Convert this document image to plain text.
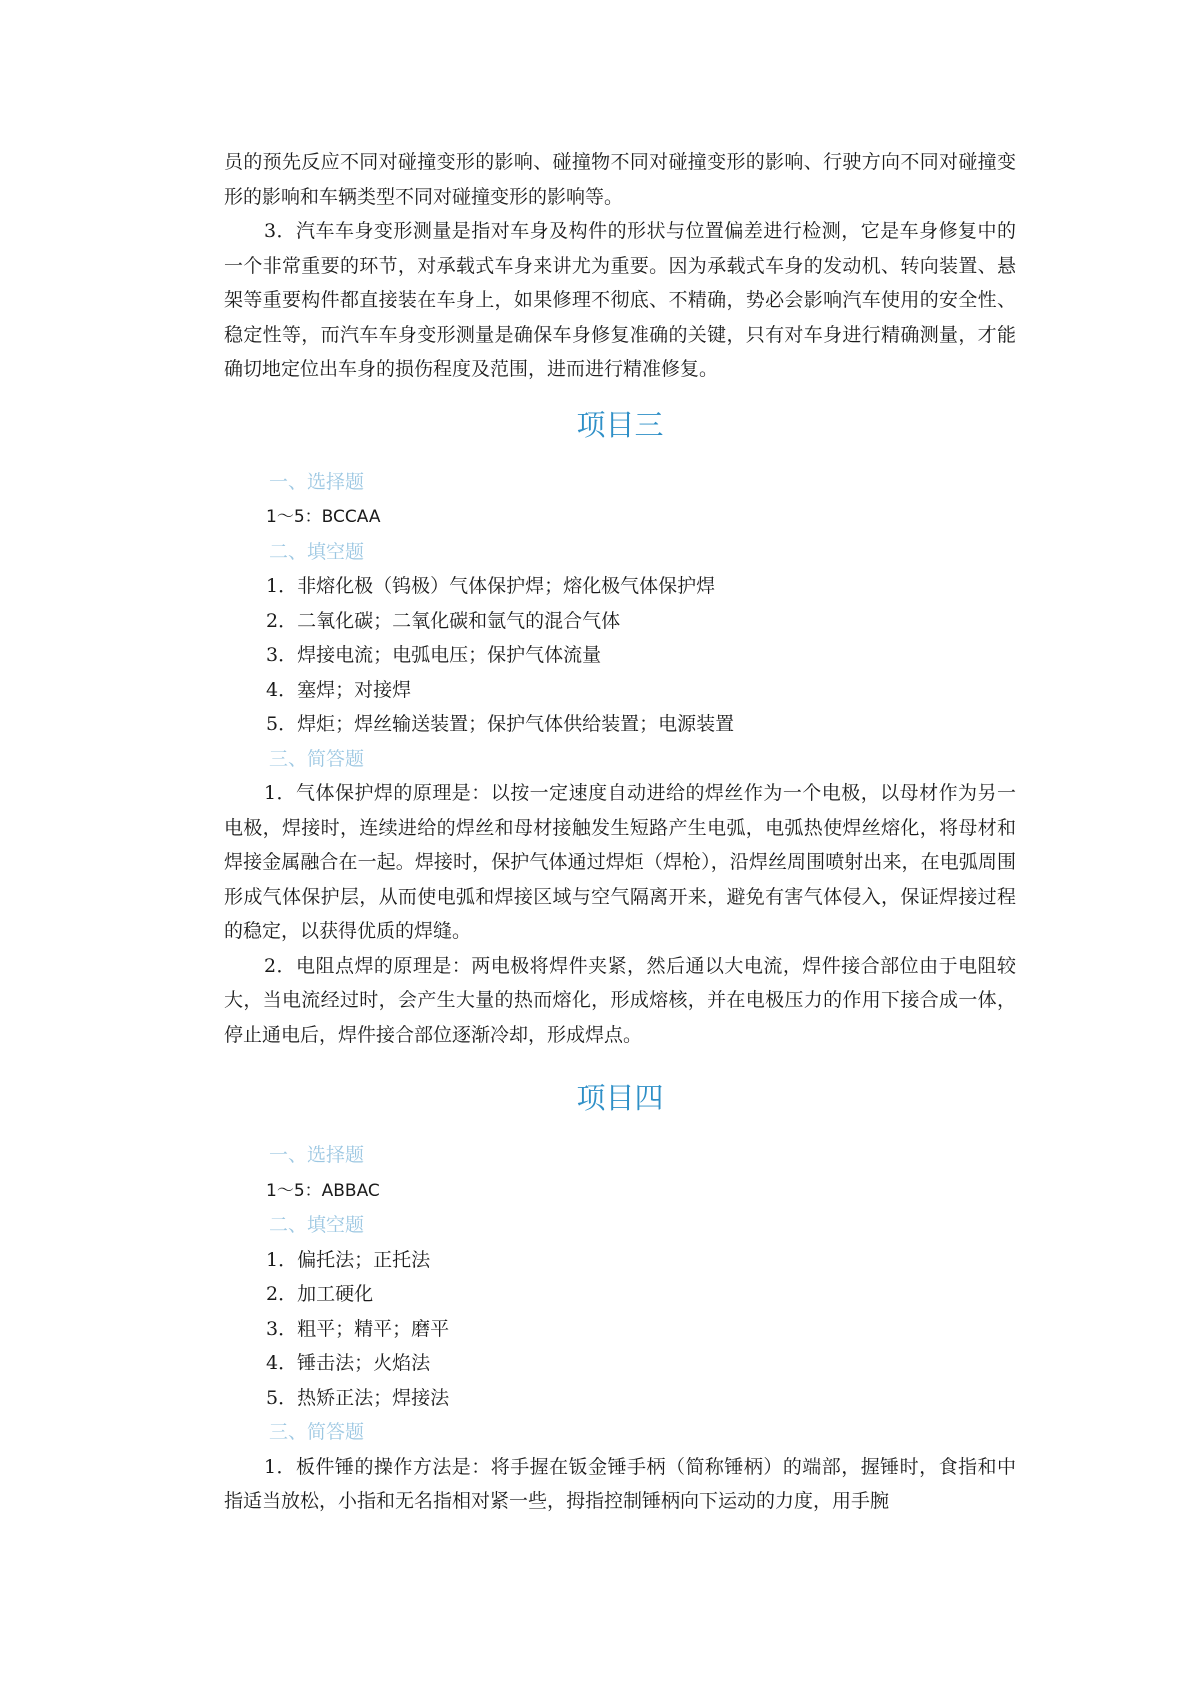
员的预先反应不同对碰撞变形的影响、碰撞物不同对碰撞变形的影响、行驶方向不同对碰撞变形的影响和车辆类型不同对碰撞变形的影响等。

3．汽车车身变形测量是指对车身及构件的形状与位置偏差进行检测，它是车身修复中的一个非常重要的环节，对承载式车身来讲尤为重要。因为承载式车身的发动机、转向装置、悬架等重要构件都直接装在车身上，如果修理不彻底、不精确，势必会影响汽车使用的安全性、稳定性等，而汽车车身变形测量是确保车身修复准确的关键，只有对车身进行精确测量，才能确切地定位出车身的损伤程度及范围，进而进行精准修复。

项目三

一、选择题

1～5：BCCAA

二、填空题

1．非熔化极（钨极）气体保护焊；熔化极气体保护焊

2．二氧化碳；二氧化碳和氩气的混合气体

3．焊接电流；电弧电压；保护气体流量

4．塞焊；对接焊

5．焊炬；焊丝输送装置；保护气体供给装置；电源装置

三、简答题

1．气体保护焊的原理是：以按一定速度自动进给的焊丝作为一个电极，以母材作为另一电极，焊接时，连续进给的焊丝和母材接触发生短路产生电弧，电弧热使焊丝熔化，将母材和焊接金属融合在一起。焊接时，保护气体通过焊炬（焊枪），沿焊丝周围喷射出来，在电弧周围形成气体保护层，从而使电弧和焊接区域与空气隔离开来，避免有害气体侵入，保证焊接过程的稳定，以获得优质的焊缝。

2．电阻点焊的原理是：两电极将焊件夹紧，然后通以大电流，焊件接合部位由于电阻较大，当电流经过时，会产生大量的热而熔化，形成熔核，并在电极压力的作用下接合成一体，停止通电后，焊件接合部位逐渐冷却，形成焊点。

项目四

一、选择题

1～5：ABBAC

二、填空题

1．偏托法；正托法

2．加工硬化

3．粗平；精平；磨平

4．锤击法；火焰法

5．热矫正法；焊接法

三、简答题

1．板件锤的操作方法是：将手握在钣金锤手柄（简称锤柄）的端部，握锤时，食指和中指适当放松，小指和无名指相对紧一些，拇指控制锤柄向下运动的力度，用手腕
